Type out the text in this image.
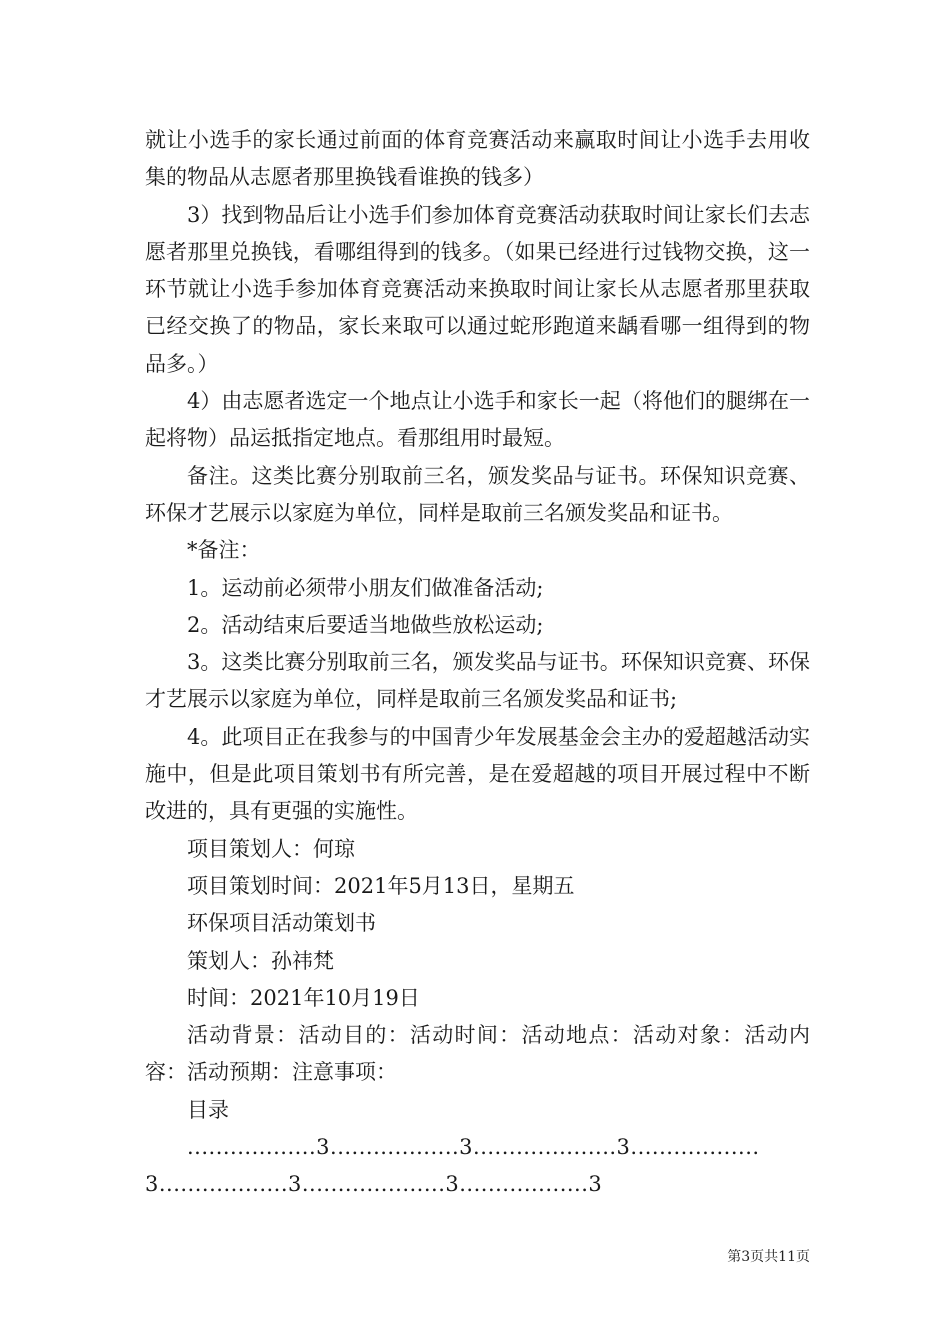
就让小选手的家长通过前面的体育竞赛活动来赢取时间让小选手去用收集的物品从志愿者那里换钱看谁换的钱多）

3）找到物品后让小选手们参加体育竞赛活动获取时间让家长们去志愿者那里兑换钱，看哪组得到的钱多。（如果已经进行过钱物交换，这一环节就让小选手参加体育竞赛活动来换取时间让家长从志愿者那里获取已经交换了的物品，家长来取可以通过蛇形跑道来龋看哪一组得到的物品多。）

4）由志愿者选定一个地点让小选手和家长一起（将他们的腿绑在一起将物）品运抵指定地点。看那组用时最短。

备注。这类比赛分别取前三名，颁发奖品与证书。环保知识竞赛、环保才艺展示以家庭为单位，同样是取前三名颁发奖品和证书。

*备注：

1。运动前必须带小朋友们做准备活动;

2。活动结束后要适当地做些放松运动;

3。这类比赛分别取前三名，颁发奖品与证书。环保知识竞赛、环保才艺展示以家庭为单位，同样是取前三名颁发奖品和证书;

4。此项目正在我参与的中国青少年发展基金会主办的爱超越活动实施中，但是此项目策划书有所完善，是在爱超越的项目开展过程中不断改进的，具有更强的实施性。

项目策划人：何琼

项目策划时间：2021年5月13日，星期五

环保项目活动策划书

策划人：孙祎梵

时间：2021年10月19日

活动背景：活动目的：活动时间：活动地点：活动对象：活动内容：活动预期：注意事项：

目录

..................3..................3....................3..................3..................3....................3..................3

第3页共11页
